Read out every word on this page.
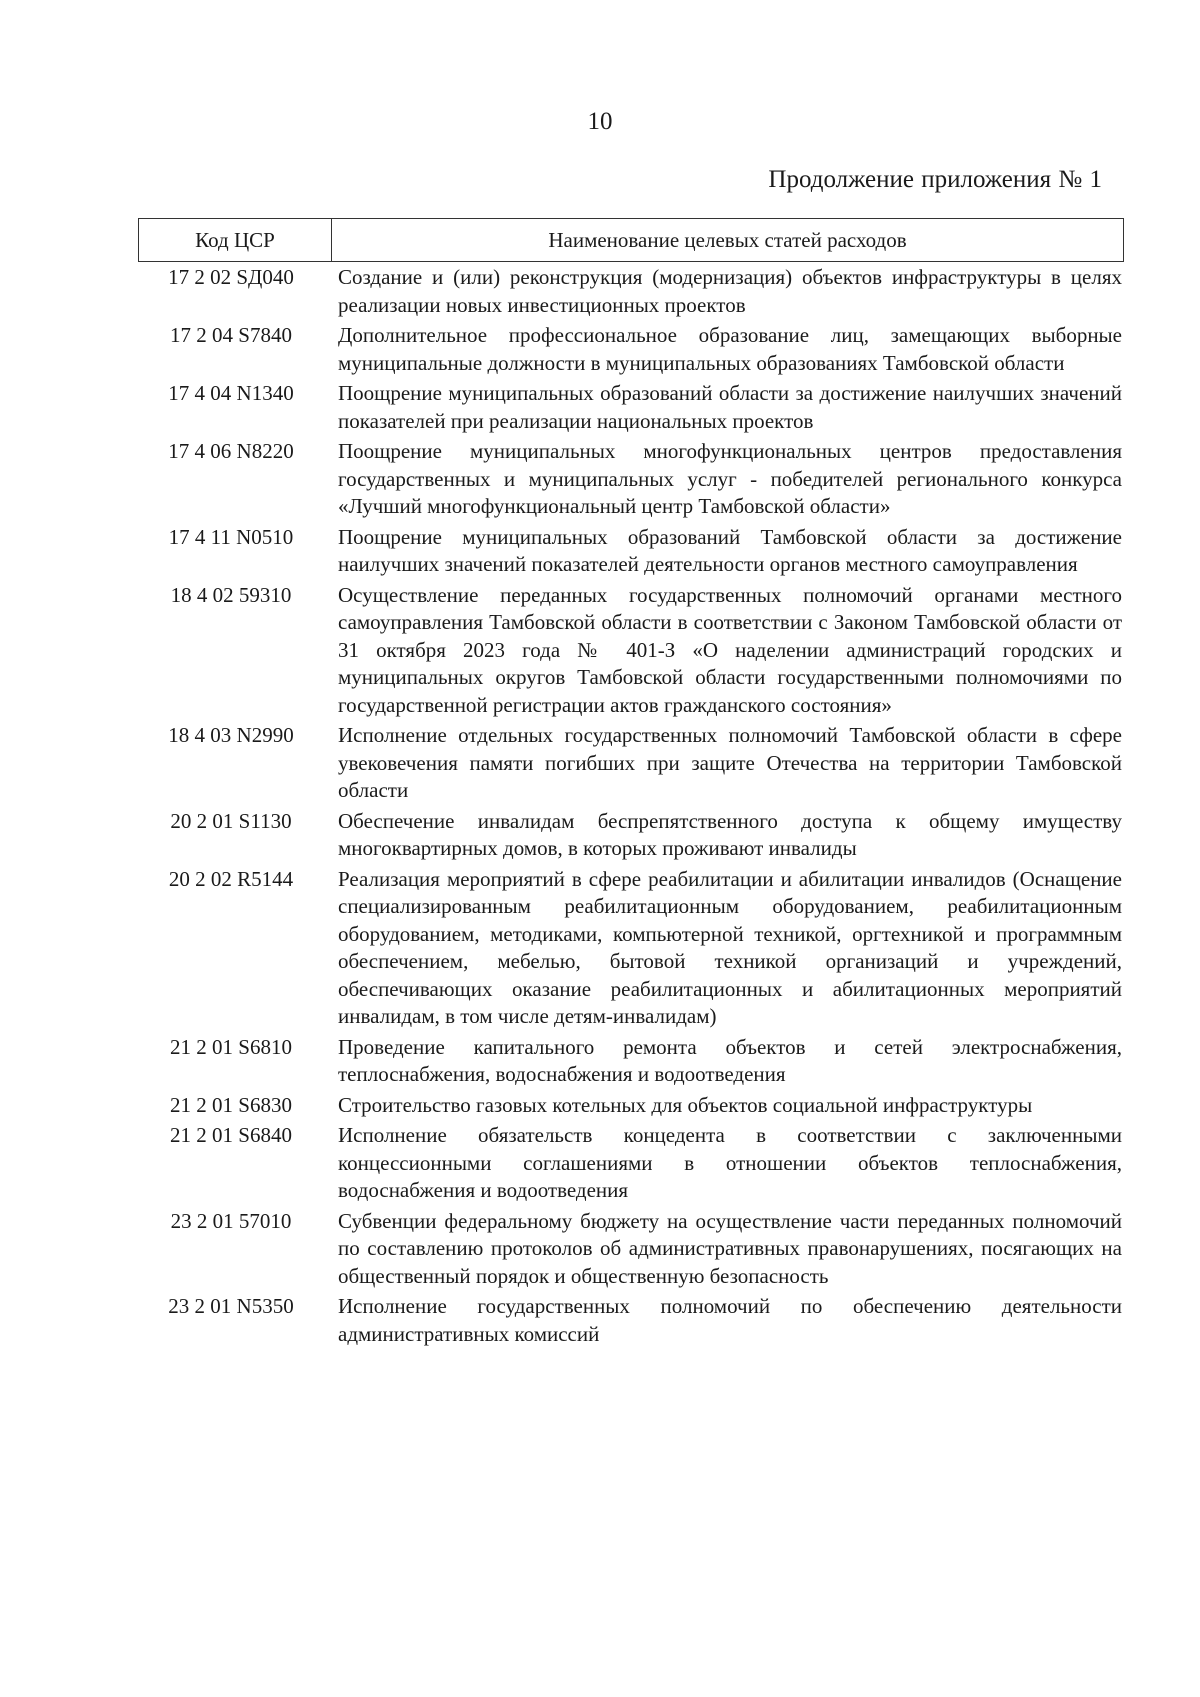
10
Продолжение приложения № 1
Код ЦСР	Наименование целевых статей расходов
17 2 02 SД040	Создание и (или) реконструкция (модернизация) объектов инфраструктуры в целях реализации новых инвестиционных проектов
17 2 04 S7840	Дополнительное профессиональное образование лиц, замещающих выборные муниципальные должности в муниципальных образованиях Тамбовской области
17 4 04 N1340	Поощрение муниципальных образований области за достижение наилучших значений показателей при реализации национальных проектов
17 4 06 N8220	Поощрение муниципальных многофункциональных центров предоставления государственных и муниципальных услуг - победителей регионального конкурса «Лучший многофункциональный центр Тамбовской области»
17 4 11 N0510	Поощрение муниципальных образований Тамбовской области за достижение наилучших значений показателей деятельности органов местного самоуправления
18 4 02 59310	Осуществление переданных государственных полномочий органами местного самоуправления Тамбовской области в соответствии с Законом Тамбовской области от 31 октября 2023 года № 401-З «О наделении администраций городских и муниципальных округов Тамбовской области государственными полномочиями по государственной регистрации актов гражданского состояния»
18 4 03 N2990	Исполнение отдельных государственных полномочий Тамбовской области в сфере увековечения памяти погибших при защите Отечества на территории Тамбовской области
20 2 01 S1130	Обеспечение инвалидам беспрепятственного доступа к общему имуществу многоквартирных домов, в которых проживают инвалиды
20 2 02 R5144	Реализация мероприятий в сфере реабилитации и абилитации инвалидов (Оснащение специализированным реабилитационным оборудованием, реабилитационным оборудованием, методиками, компьютерной техникой, оргтехникой и программным обеспечением, мебелью, бытовой техникой организаций и учреждений, обеспечивающих оказание реабилитационных и абилитационных мероприятий инвалидам, в том числе детям-инвалидам)
21 2 01 S6810	Проведение капитального ремонта объектов и сетей электроснабжения, теплоснабжения, водоснабжения и водоотведения
21 2 01 S6830	Строительство газовых котельных для объектов социальной инфраструктуры
21 2 01 S6840	Исполнение обязательств концедента в соответствии с заключенными концессионными соглашениями в отношении объектов теплоснабжения, водоснабжения и водоотведения
23 2 01 57010	Субвенции федеральному бюджету на осуществление части переданных полномочий по составлению протоколов об административных правонарушениях, посягающих на общественный порядок и общественную безопасность
23 2 01 N5350	Исполнение государственных полномочий по обеспечению деятельности административных комиссий
